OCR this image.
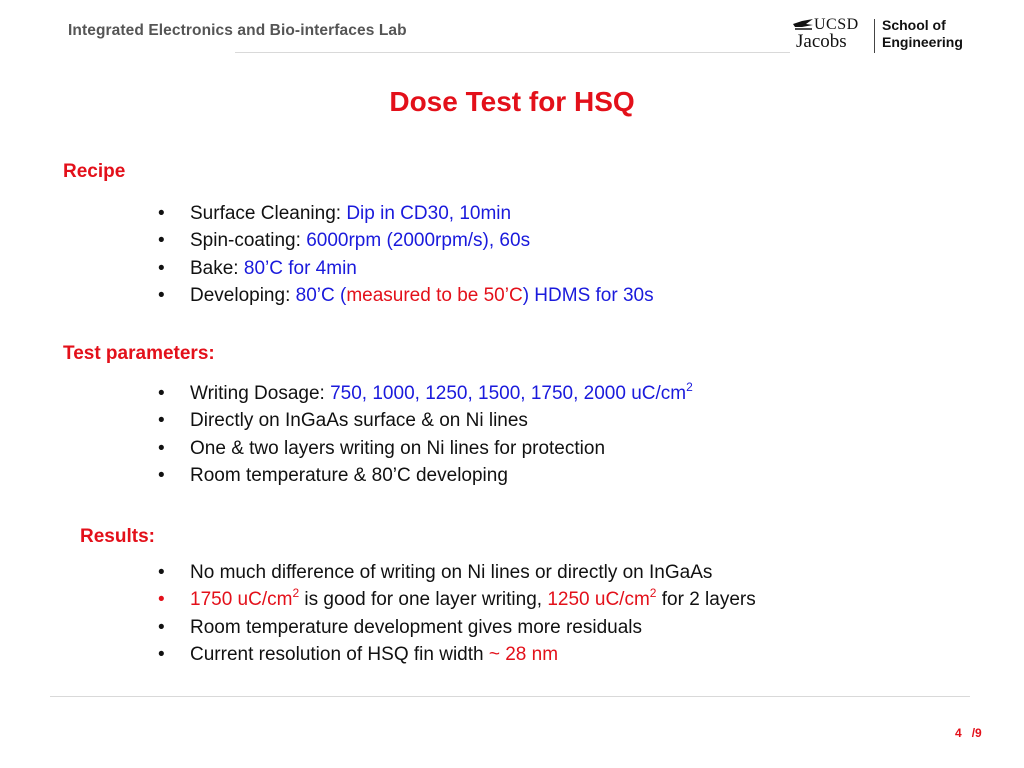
Integrated Electronics and Bio-interfaces Lab	UCSD
Jacobs
School of
Engineering
Dose Test for HSQ
Recipe
• Surface Cleaning: Dip in CD30, 10min
• Spin-coating: 6000rpm (2000rpm/s), 60s
• Bake: 80’C for 4min
• Developing: 80’C (measured to be 50’C) HDMS for 30s
Test parameters:
• Writing Dosage: 750, 1000, 1250, 1500, 1750, 2000 $uC/cm^2$
• Directly on InGaAs surface & on Ni lines
• One & two layers writing on Ni lines for protection
• Room temperature & 80’C developing
Results:
• No much difference of writing on Ni lines or directly on InGaAs
• 1750 $uC/cm^2$ is good for one layer writing, 1250 $uC/cm^2$ for 2 layers
• Room temperature development gives more residuals
• Current resolution of HSQ fin width ~ 28 nm
4 /9
